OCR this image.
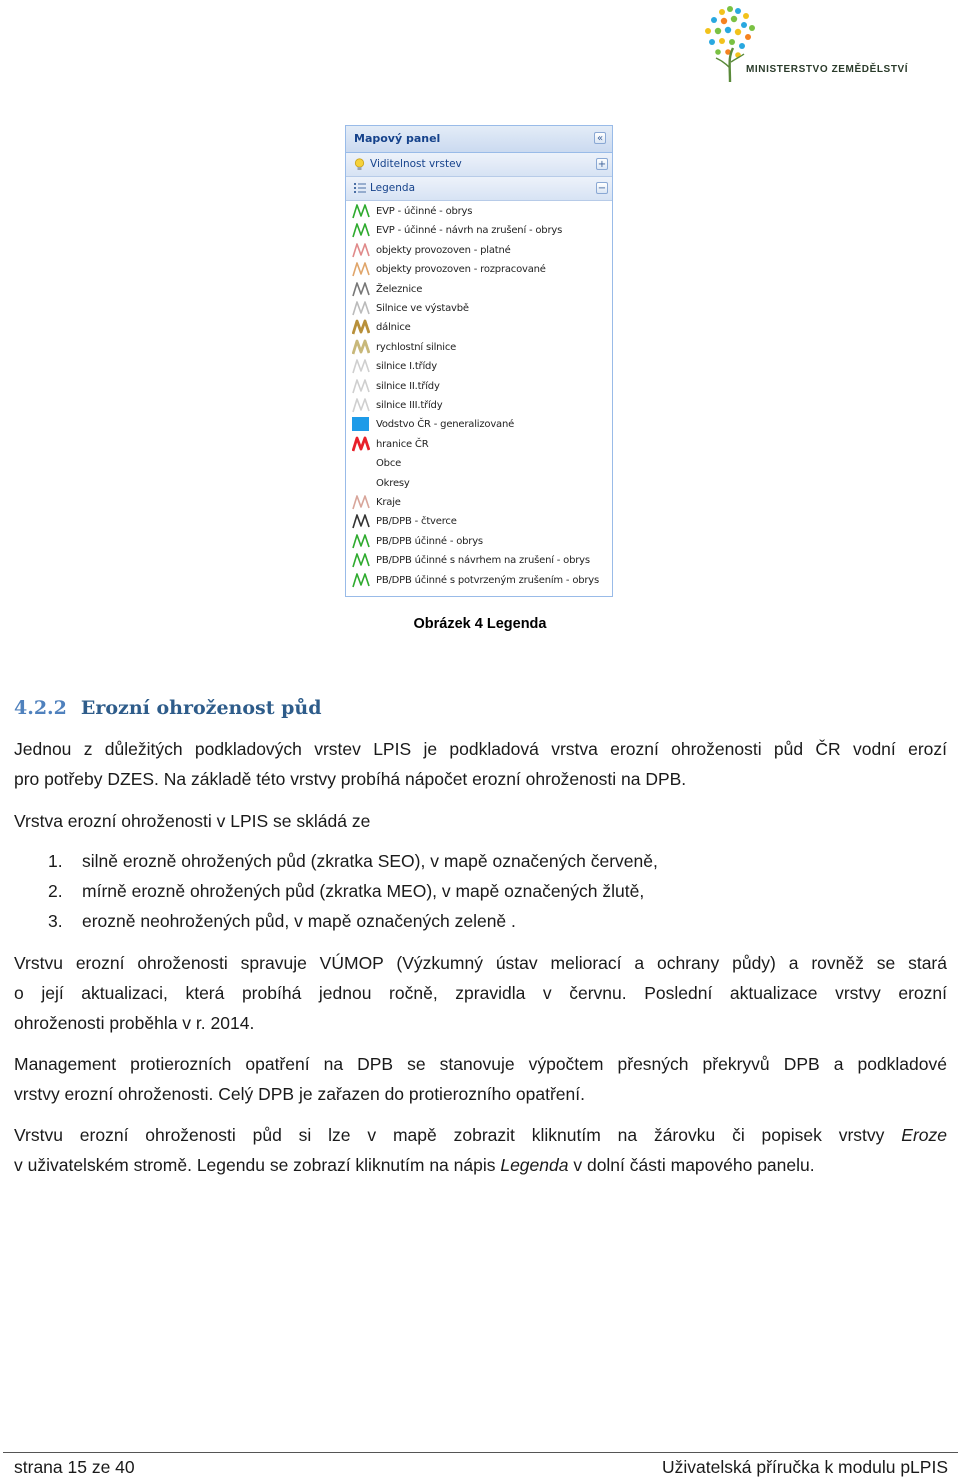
MINISTERSTVO ZEMĚDĚLSTVÍ
Mapový panel	«
Viditelnost vrstev	+
Legenda	−
EVP - účinné - obrys
EVP - účinné - návrh na zrušení - obrys
objekty provozoven - platné
objekty provozoven - rozpracované
Železnice
Silnice ve výstavbě
dálnice
rychlostní silnice
silnice I.třídy
silnice II.třídy
silnice III.třídy
Vodstvo ČR - generalizované
hranice ČR
Obce
Okresy
Kraje
PB/DPB - čtverce
PB/DPB účinné - obrys
PB/DPB účinné s návrhem na zrušení - obrys
PB/DPB účinné s potvrzeným zrušením - obrys
Obrázek 4 Legenda
4.2.2 Erozní ohroženost půd
Jednou z důležitých podkladových vrstev LPIS je podkladová vrstva erozní ohroženosti půd ČR vodní erozí
pro potřeby DZES. Na základě této vrstvy probíhá nápočet erozní ohroženosti na DPB.
Vrstva erozní ohroženosti v LPIS se skládá ze
1. silně erozně ohrožených půd (zkratka SEO), v mapě označených červeně,
2. mírně erozně ohrožených půd (zkratka MEO), v mapě označených žlutě,
3. erozně neohrožených půd, v mapě označených zeleně .
Vrstvu erozní ohroženosti spravuje VÚMOP (Výzkumný ústav meliorací a ochrany půdy) a rovněž se stará
o její aktualizaci, která probíhá jednou ročně, zpravidla v červnu. Poslední aktualizace vrstvy erozní
ohroženosti proběhla v r. 2014.
Management protierozních opatření na DPB se stanovuje výpočtem přesných překryvů DPB a podkladové
vrstvy erozní ohroženosti. Celý DPB je zařazen do protierozního opatření.
Vrstvu erozní ohroženosti půd si lze v mapě zobrazit kliknutím na žárovku či popisek vrstvy Eroze
v uživatelském stromě. Legendu se zobrazí kliknutím na nápis Legenda v dolní části mapového panelu.
strana 15 ze 40	Uživatelská příručka k modulu pLPIS
